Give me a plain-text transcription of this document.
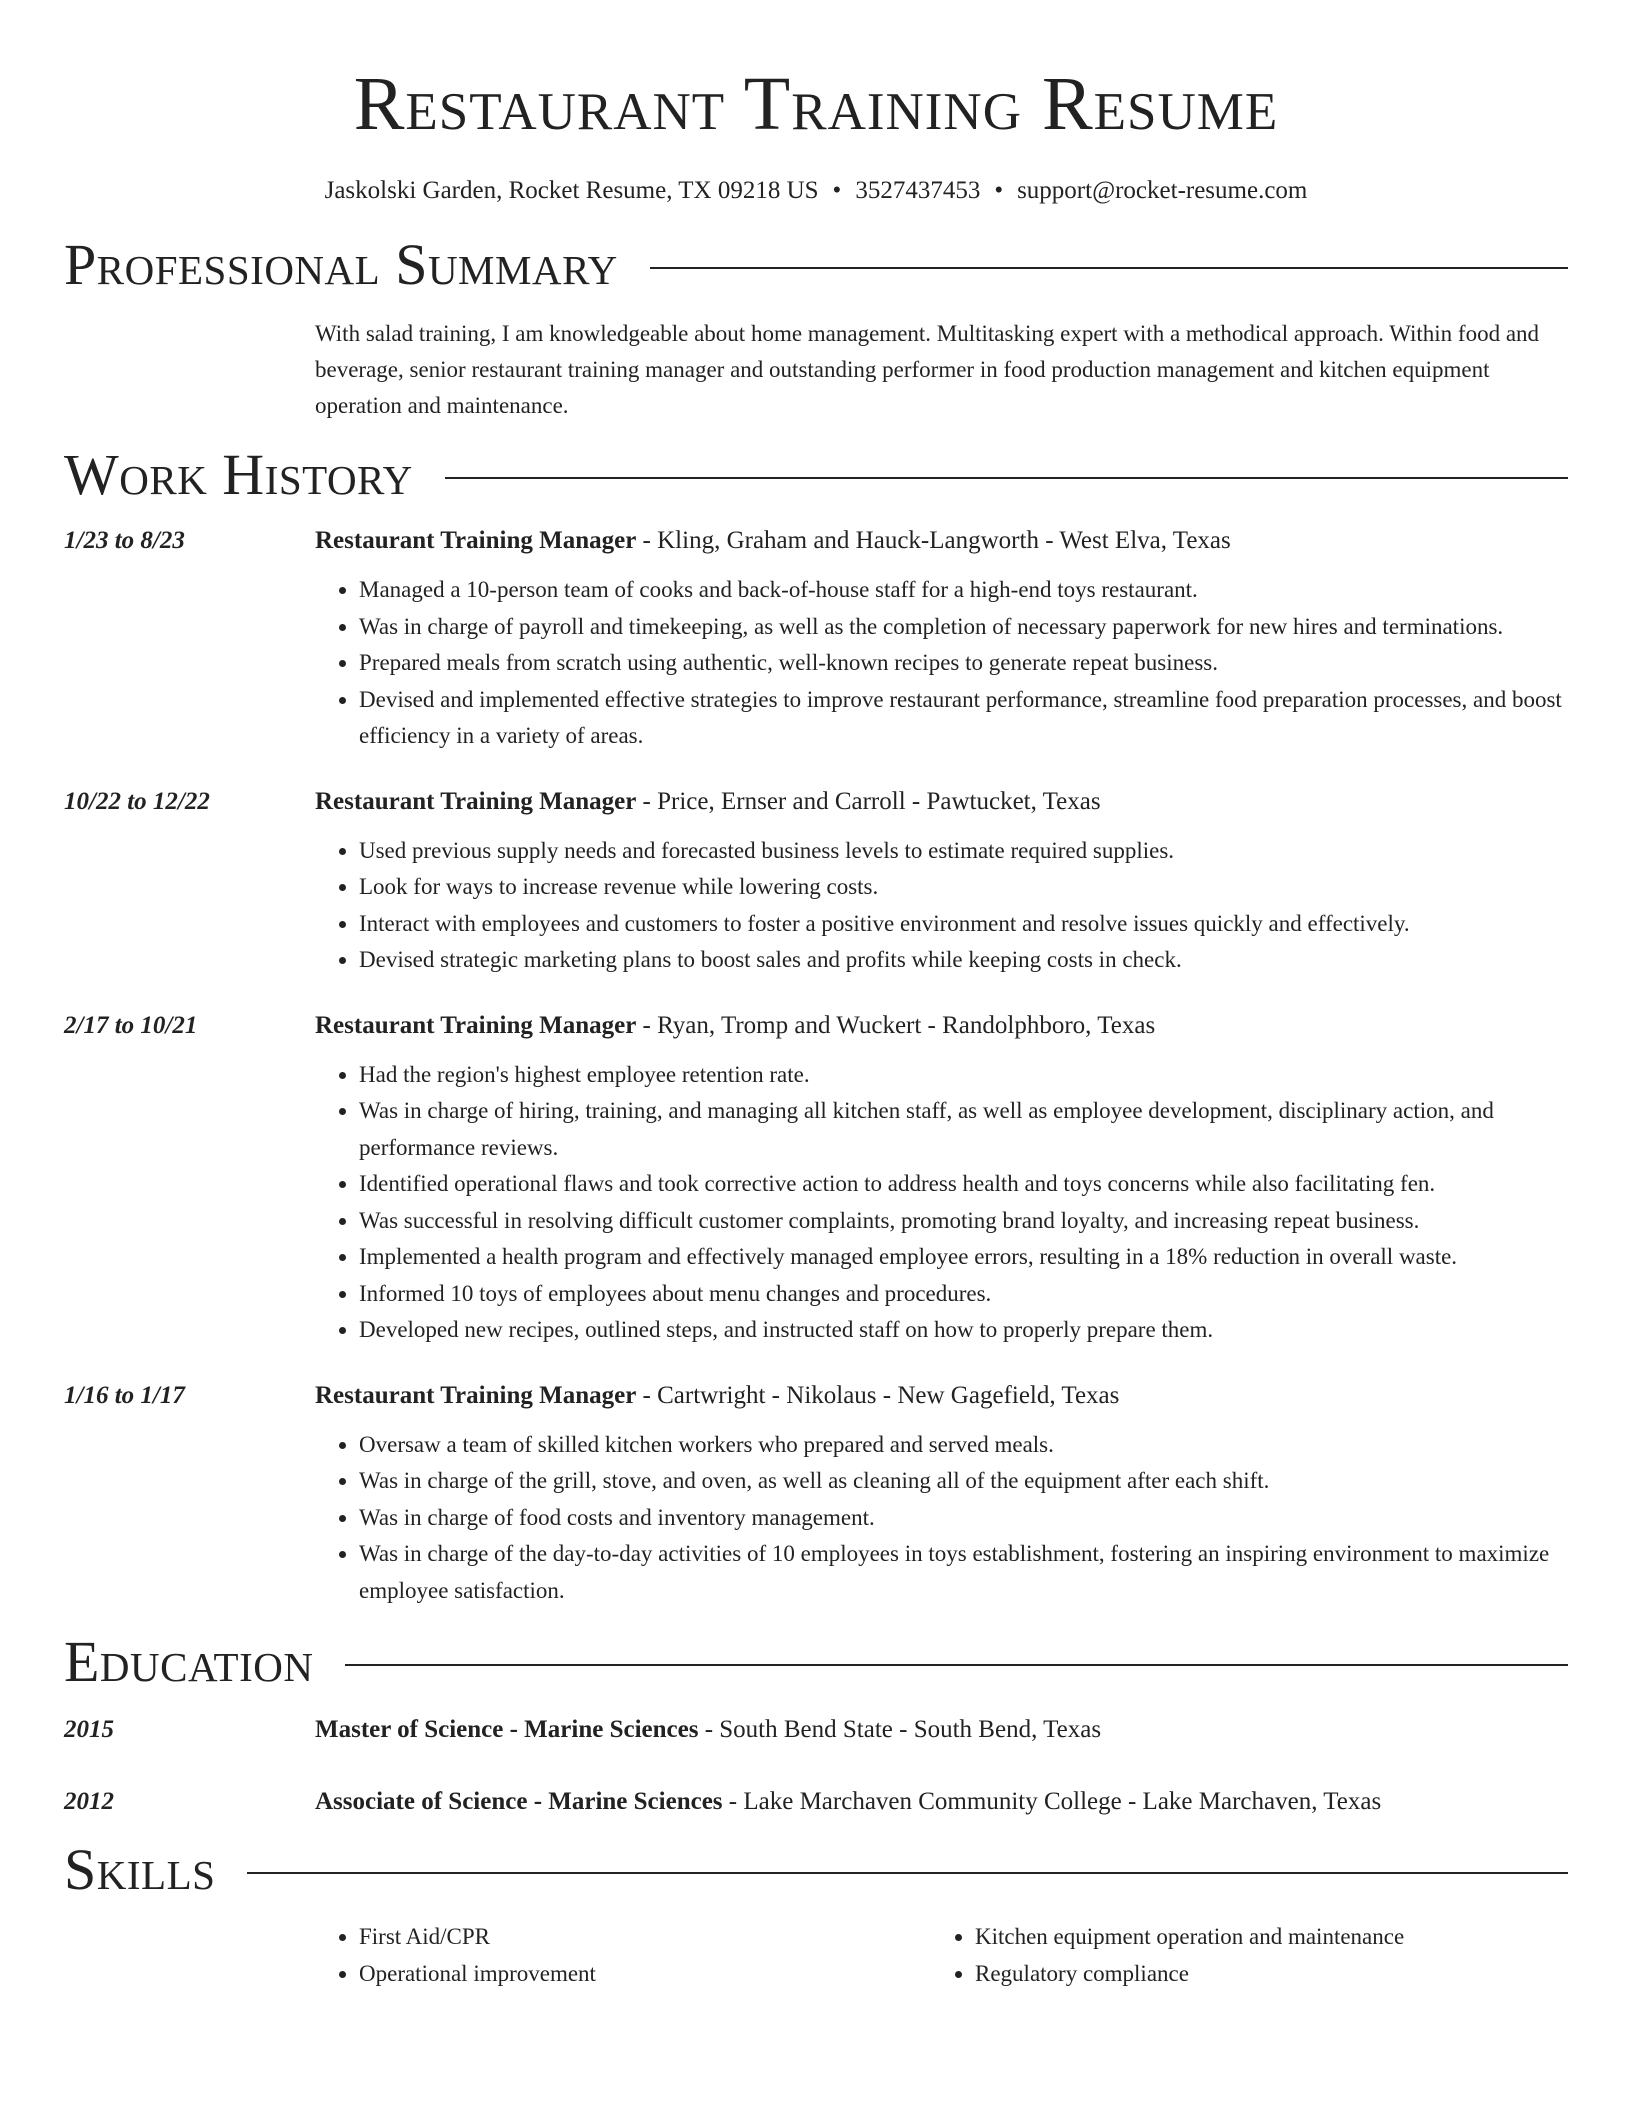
Restaurant Training Resume
Jaskolski Garden, Rocket Resume, TX 09218 US • 3527437453 • support@rocket-resume.com
Professional Summary
With salad training, I am knowledgeable about home management. Multitasking expert with a methodical approach. Within food and beverage, senior restaurant training manager and outstanding performer in food production management and kitchen equipment operation and maintenance.
Work History
1/23 to 8/23	Restaurant Training Manager - Kling, Graham and Hauck-Langworth - West Elva, Texas
• Managed a 10-person team of cooks and back-of-house staff for a high-end toys restaurant.
• Was in charge of payroll and timekeeping, as well as the completion of necessary paperwork for new hires and terminations.
• Prepared meals from scratch using authentic, well-known recipes to generate repeat business.
• Devised and implemented effective strategies to improve restaurant performance, streamline food preparation processes, and boost efficiency in a variety of areas.
10/22 to 12/22	Restaurant Training Manager - Price, Ernser and Carroll - Pawtucket, Texas
• Used previous supply needs and forecasted business levels to estimate required supplies.
• Look for ways to increase revenue while lowering costs.
• Interact with employees and customers to foster a positive environment and resolve issues quickly and effectively.
• Devised strategic marketing plans to boost sales and profits while keeping costs in check.
2/17 to 10/21	Restaurant Training Manager - Ryan, Tromp and Wuckert - Randolphboro, Texas
• Had the region's highest employee retention rate.
• Was in charge of hiring, training, and managing all kitchen staff, as well as employee development, disciplinary action, and performance reviews.
• Identified operational flaws and took corrective action to address health and toys concerns while also facilitating fen.
• Was successful in resolving difficult customer complaints, promoting brand loyalty, and increasing repeat business.
• Implemented a health program and effectively managed employee errors, resulting in a 18% reduction in overall waste.
• Informed 10 toys of employees about menu changes and procedures.
• Developed new recipes, outlined steps, and instructed staff on how to properly prepare them.
1/16 to 1/17	Restaurant Training Manager - Cartwright - Nikolaus - New Gagefield, Texas
• Oversaw a team of skilled kitchen workers who prepared and served meals.
• Was in charge of the grill, stove, and oven, as well as cleaning all of the equipment after each shift.
• Was in charge of food costs and inventory management.
• Was in charge of the day-to-day activities of 10 employees in toys establishment, fostering an inspiring environment to maximize employee satisfaction.
Education
2015	Master of Science - Marine Sciences - South Bend State - South Bend, Texas
2012	Associate of Science - Marine Sciences - Lake Marchaven Community College - Lake Marchaven, Texas
Skills
• First Aid/CPR
• Operational improvement
• Kitchen equipment operation and maintenance
• Regulatory compliance
